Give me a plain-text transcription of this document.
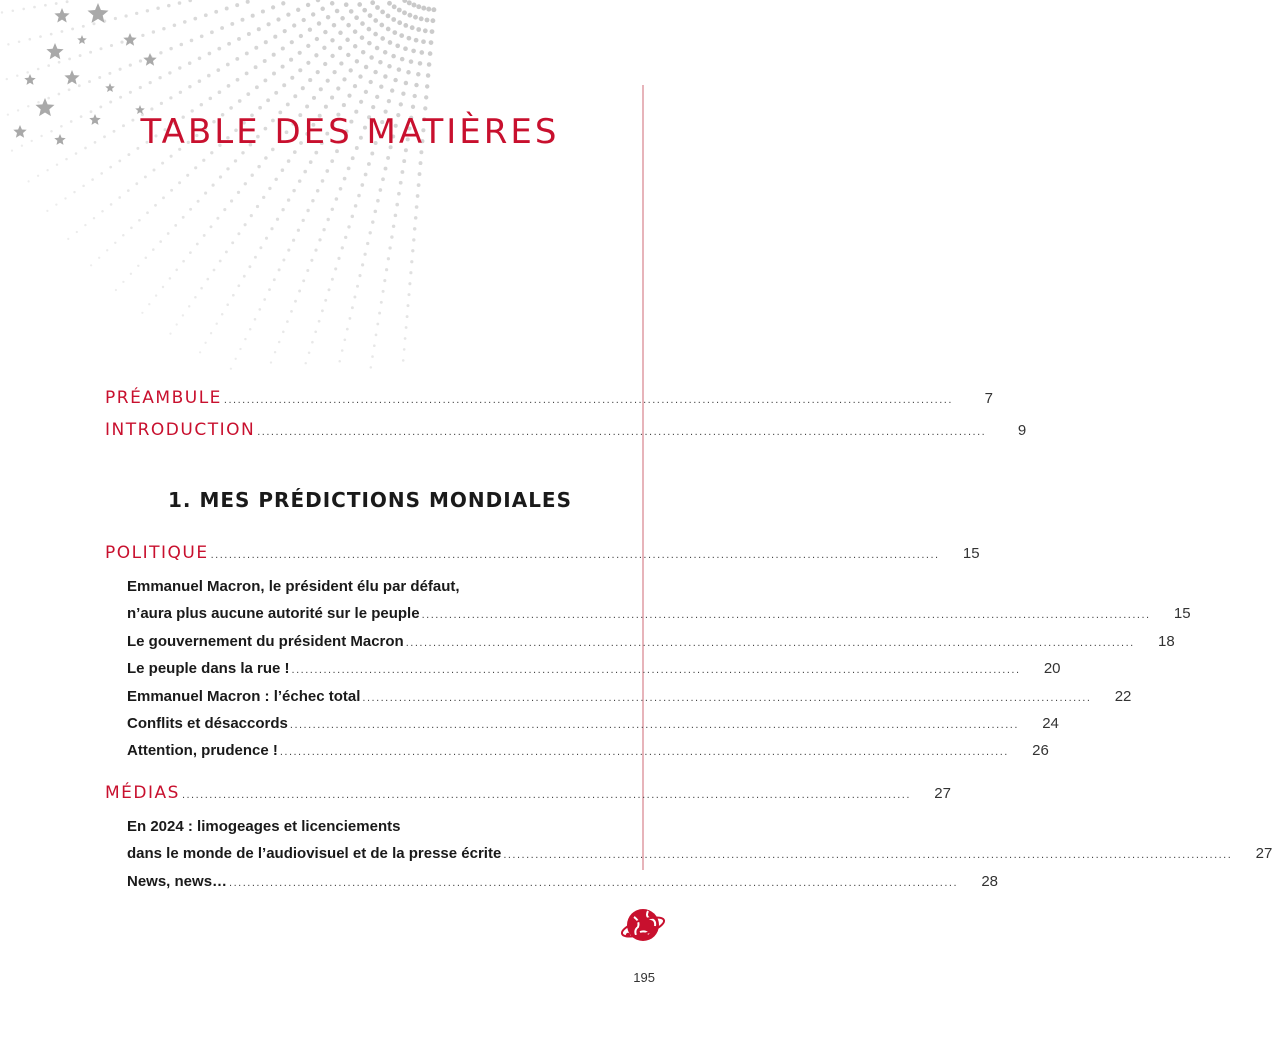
TABLE DES MATIÈRES
PRÉAMBULE ................................................................................................................................................................	7
INTRODUCTION ................................................................................................................................................................	9
1. MES PRÉDICTIONS MONDIALES
POLITIQUE ................................................................................................................................................................	15

Emmanuel Macron, le président élu par défaut,

n’aura plus aucune autorité sur le peuple ................................................................................................................................................................	15
Le gouvernement du président Macron ................................................................................................................................................................	18
Le peuple dans la rue ! ................................................................................................................................................................	20
Emmanuel Macron : l’échec total ................................................................................................................................................................	22
Conflits et désaccords ................................................................................................................................................................	24
Attention, prudence ! ................................................................................................................................................................	26
MÉDIAS ................................................................................................................................................................	27

En 2024 : limogeages et licenciements

dans le monde de l’audiovisuel et de la presse écrite ................................................................................................................................................................	27
News, news… ................................................................................................................................................................	28
195
